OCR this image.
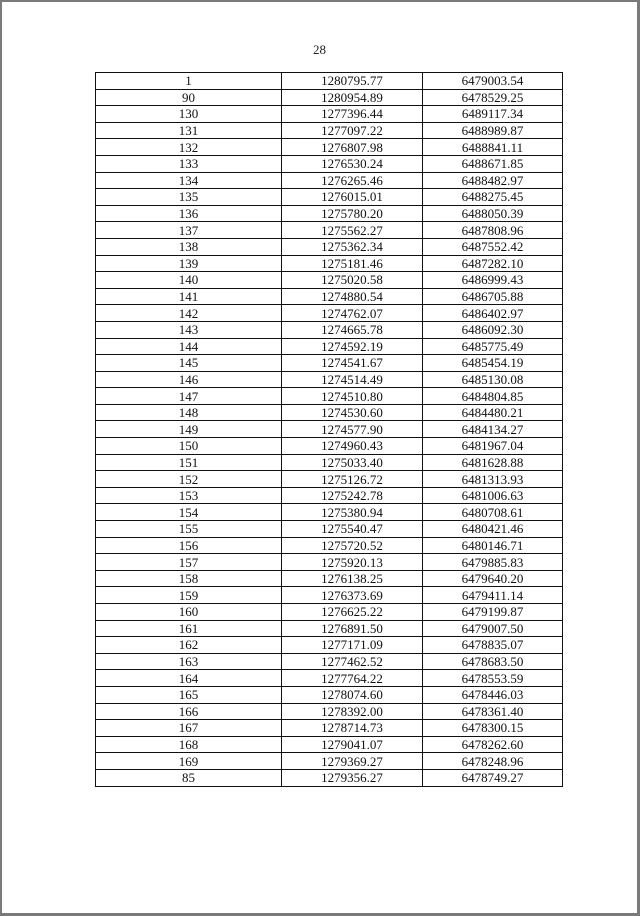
28
1	1280795.77	6479003.54
90	1280954.89	6478529.25
130	1277396.44	6489117.34
131	1277097.22	6488989.87
132	1276807.98	6488841.11
133	1276530.24	6488671.85
134	1276265.46	6488482.97
135	1276015.01	6488275.45
136	1275780.20	6488050.39
137	1275562.27	6487808.96
138	1275362.34	6487552.42
139	1275181.46	6487282.10
140	1275020.58	6486999.43
141	1274880.54	6486705.88
142	1274762.07	6486402.97
143	1274665.78	6486092.30
144	1274592.19	6485775.49
145	1274541.67	6485454.19
146	1274514.49	6485130.08
147	1274510.80	6484804.85
148	1274530.60	6484480.21
149	1274577.90	6484134.27
150	1274960.43	6481967.04
151	1275033.40	6481628.88
152	1275126.72	6481313.93
153	1275242.78	6481006.63
154	1275380.94	6480708.61
155	1275540.47	6480421.46
156	1275720.52	6480146.71
157	1275920.13	6479885.83
158	1276138.25	6479640.20
159	1276373.69	6479411.14
160	1276625.22	6479199.87
161	1276891.50	6479007.50
162	1277171.09	6478835.07
163	1277462.52	6478683.50
164	1277764.22	6478553.59
165	1278074.60	6478446.03
166	1278392.00	6478361.40
167	1278714.73	6478300.15
168	1279041.07	6478262.60
169	1279369.27	6478248.96
85	1279356.27	6478749.27
